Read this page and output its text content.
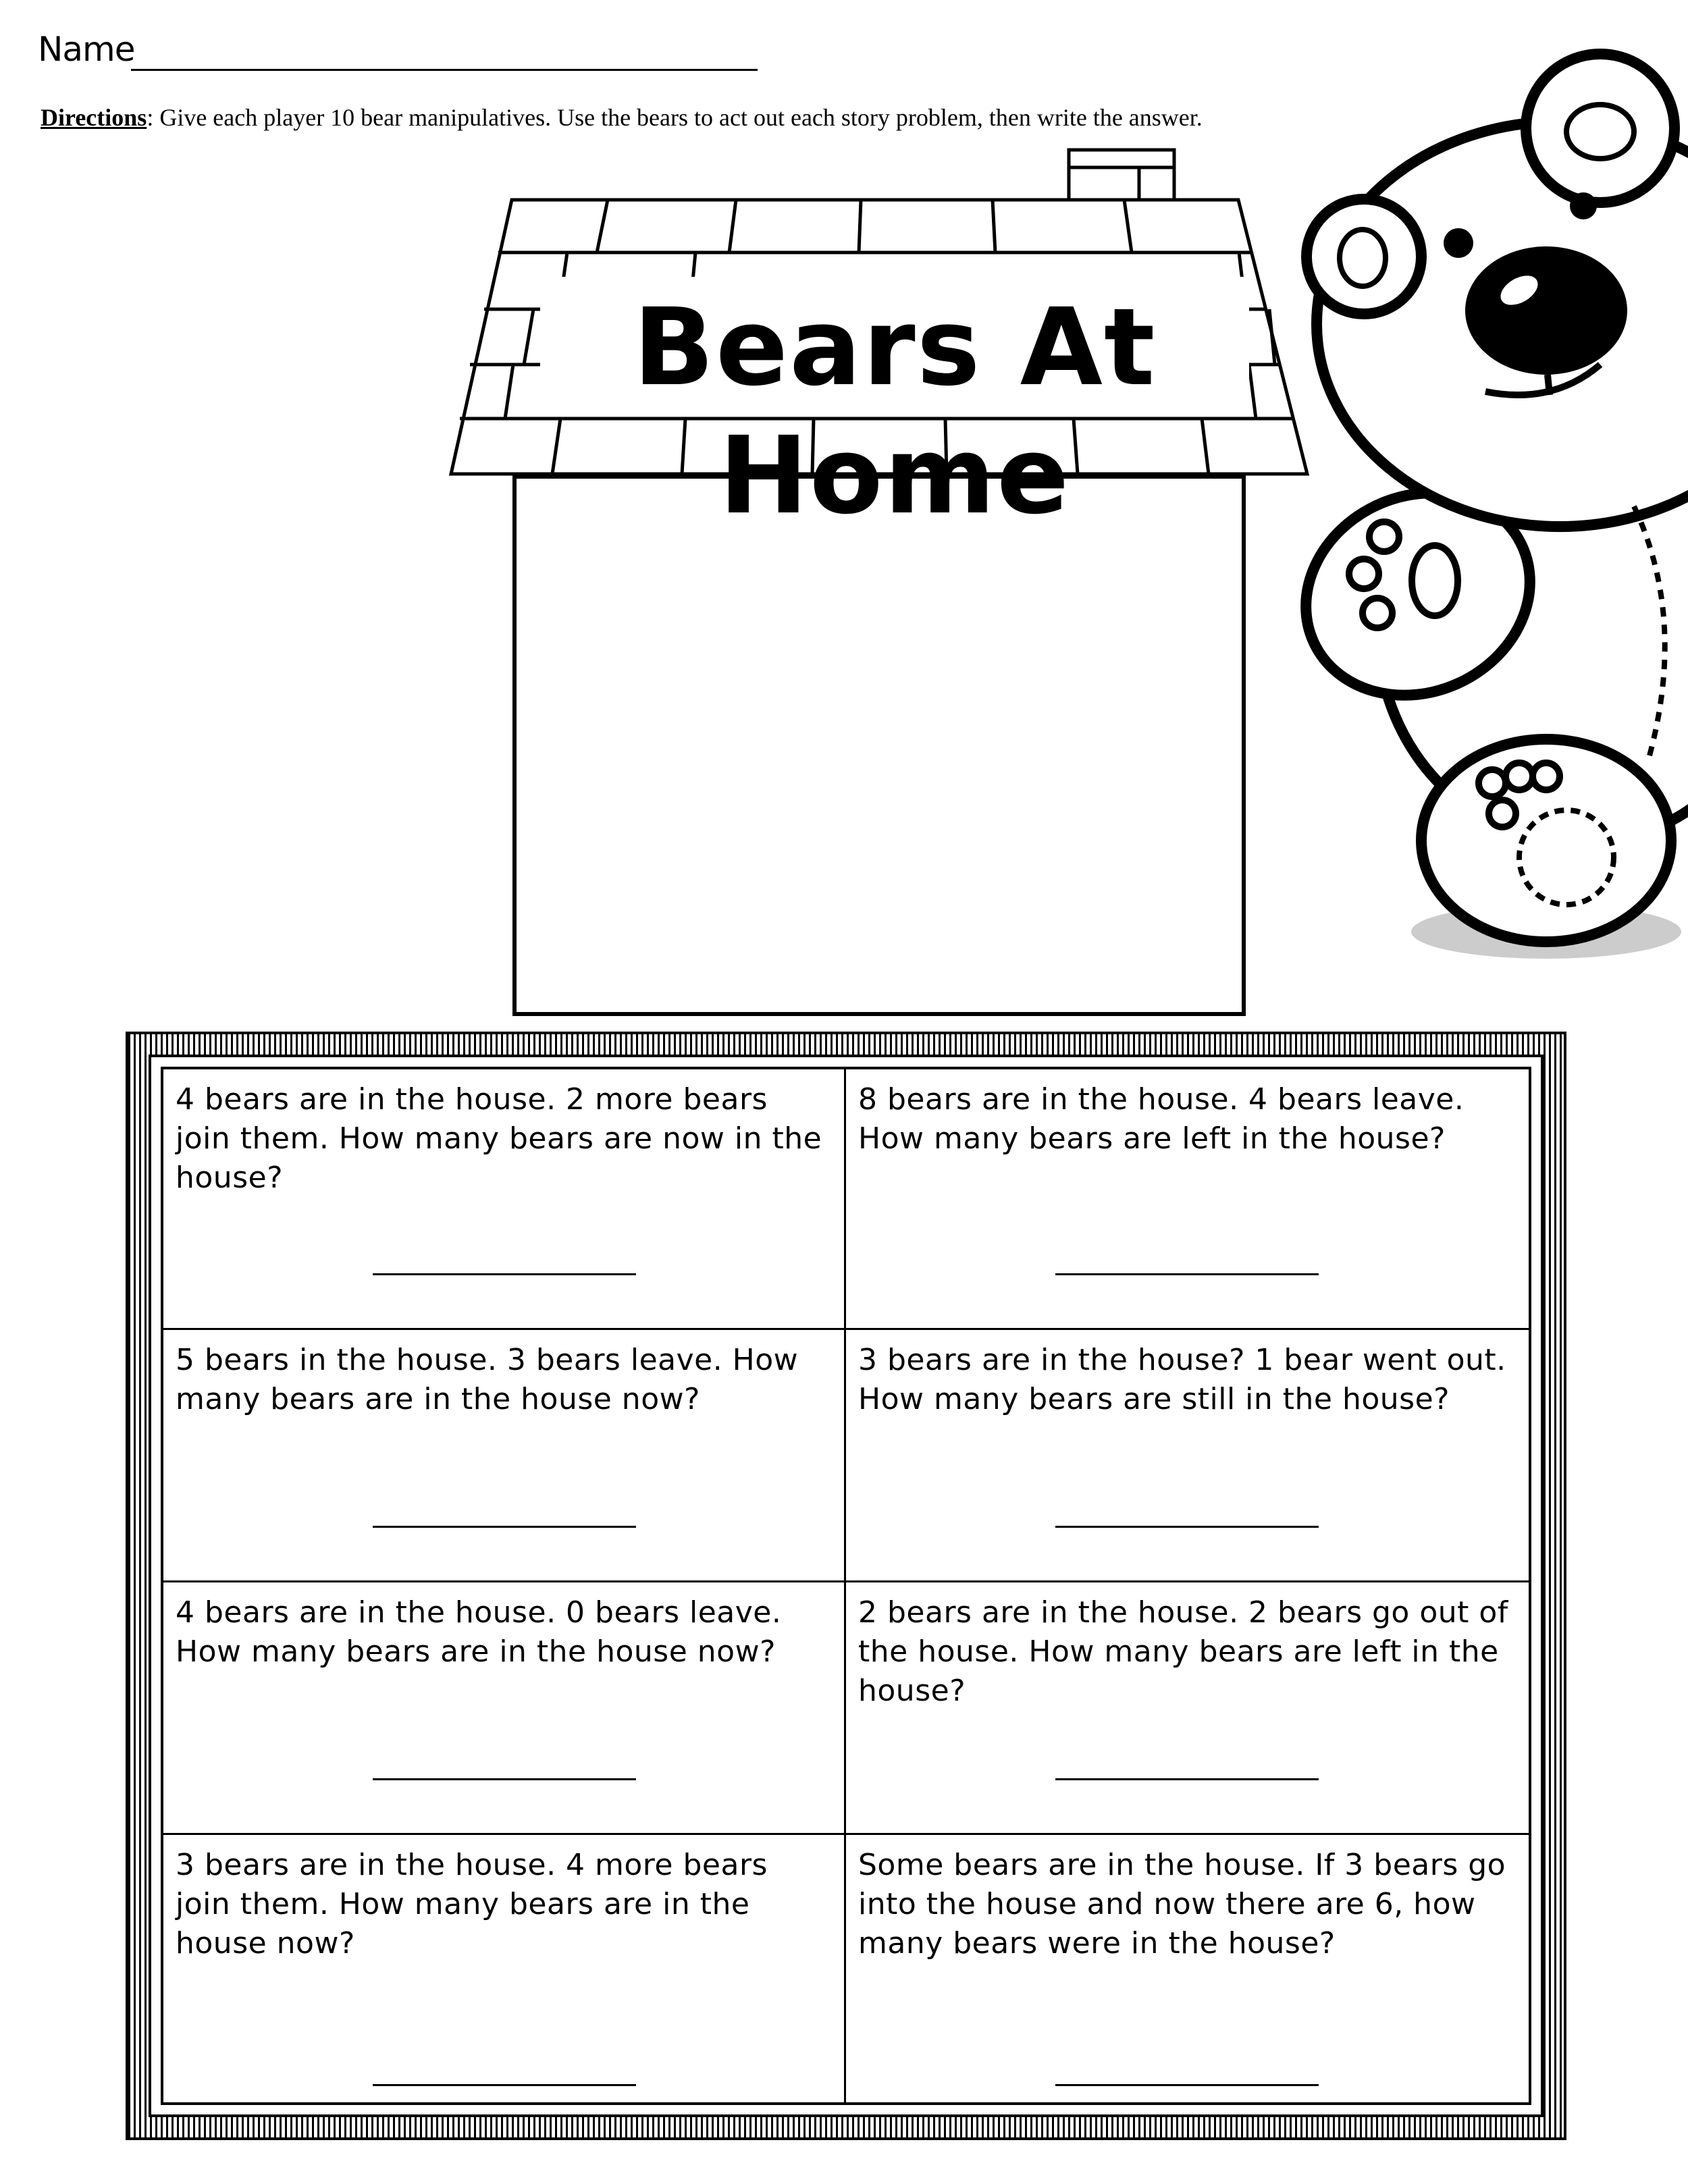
Name
Directions: Give each player 10 bear manipulatives. Use the bears to act out each story problem, then write the answer.
Bears At Home
4 bears are in the house. 2 more bears join them. How many bears are now in the house?
8 bears are in the house. 4 bears leave. How many bears are left in the house?
5 bears in the house. 3 bears leave. How many bears are in the house now?
3 bears are in the house? 1 bear went out. How many bears are still in the house?
4 bears are in the house. 0 bears leave. How many bears are in the house now?
2 bears are in the house. 2 bears go out of the house. How many bears are left in the house?
3 bears are in the house. 4 more bears join them. How many bears are in the house now?
Some bears are in the house. If 3 bears go into the house and now there are 6, how many bears were in the house?
